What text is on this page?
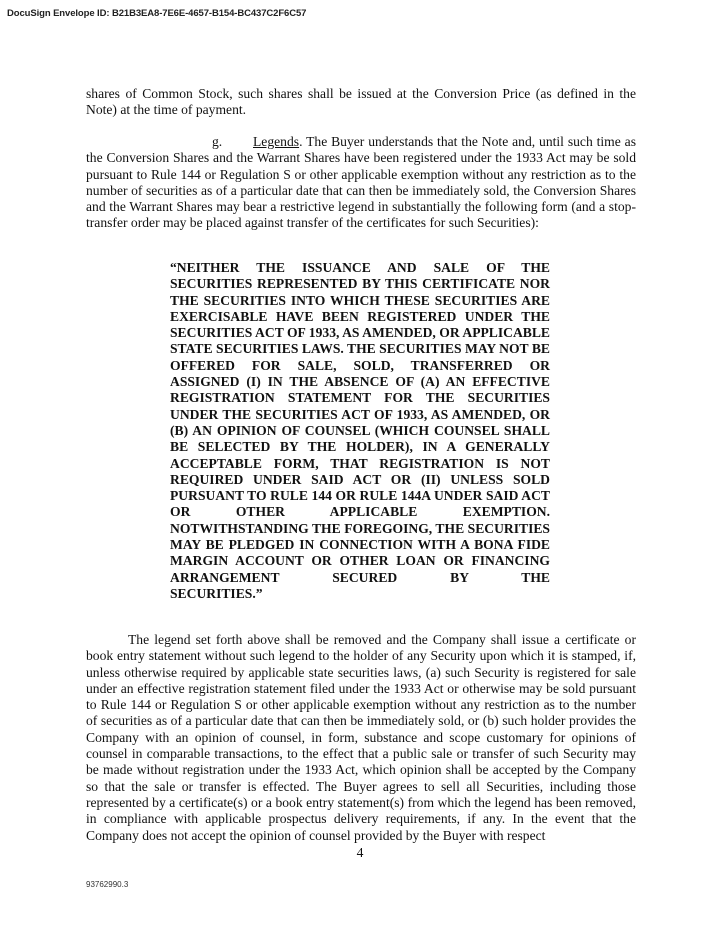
DocuSign Envelope ID: B21B3EA8-7E6E-4657-B154-BC437C2F6C57

shares of Common Stock, such shares shall be issued at the Conversion Price (as defined in the Note) at the time of payment.

g. Legends. The Buyer understands that the Note and, until such time as the Conversion Shares and the Warrant Shares have been registered under the 1933 Act may be sold pursuant to Rule 144 or Regulation S or other applicable exemption without any restriction as to the number of securities as of a particular date that can then be immediately sold, the Conversion Shares and the Warrant Shares may bear a restrictive legend in substantially the following form (and a stop-transfer order may be placed against transfer of the certificates for such Securities):

“NEITHER THE ISSUANCE AND SALE OF THE SECURITIES REPRESENTED BY THIS CERTIFICATE NOR THE SECURITIES INTO WHICH THESE SECURITIES ARE EXERCISABLE HAVE BEEN REGISTERED UNDER THE SECURITIES ACT OF 1933, AS AMENDED, OR APPLICABLE STATE SECURITIES LAWS. THE SECURITIES MAY NOT BE OFFERED FOR SALE, SOLD, TRANSFERRED OR ASSIGNED (I) IN THE ABSENCE OF (A) AN EFFECTIVE REGISTRATION STATEMENT FOR THE SECURITIES UNDER THE SECURITIES ACT OF 1933, AS AMENDED, OR (B) AN OPINION OF COUNSEL (WHICH COUNSEL SHALL BE SELECTED BY THE HOLDER), IN A GENERALLY ACCEPTABLE FORM, THAT REGISTRATION IS NOT REQUIRED UNDER SAID ACT OR (II) UNLESS SOLD PURSUANT TO RULE 144 OR RULE 144A UNDER SAID ACT OR OTHER APPLICABLE EXEMPTION. NOTWITHSTANDING THE FOREGOING, THE SECURITIES MAY BE PLEDGED IN CONNECTION WITH A BONA FIDE MARGIN ACCOUNT OR OTHER LOAN OR FINANCING ARRANGEMENT SECURED BY THE
SECURITIES.”

The legend set forth above shall be removed and the Company shall issue a certificate or book entry statement without such legend to the holder of any Security upon which it is stamped, if, unless otherwise required by applicable state securities laws, (a) such Security is registered for sale under an effective registration statement filed under the 1933 Act or otherwise may be sold pursuant to Rule 144 or Regulation S or other applicable exemption without any restriction as to the number of securities as of a particular date that can then be immediately sold, or (b) such holder provides the Company with an opinion of counsel, in form, substance and scope customary for opinions of counsel in comparable transactions, to the effect that a public sale or transfer of such Security may be made without registration under the 1933 Act, which opinion shall be accepted by the Company so that the sale or transfer is effected. The Buyer agrees to sell all Securities, including those represented by a certificate(s) or a book entry statement(s) from which the legend has been removed, in compliance with applicable prospectus delivery requirements, if any. In the event that the Company does not accept the opinion of counsel provided by the Buyer with respect

4
93762990.3
